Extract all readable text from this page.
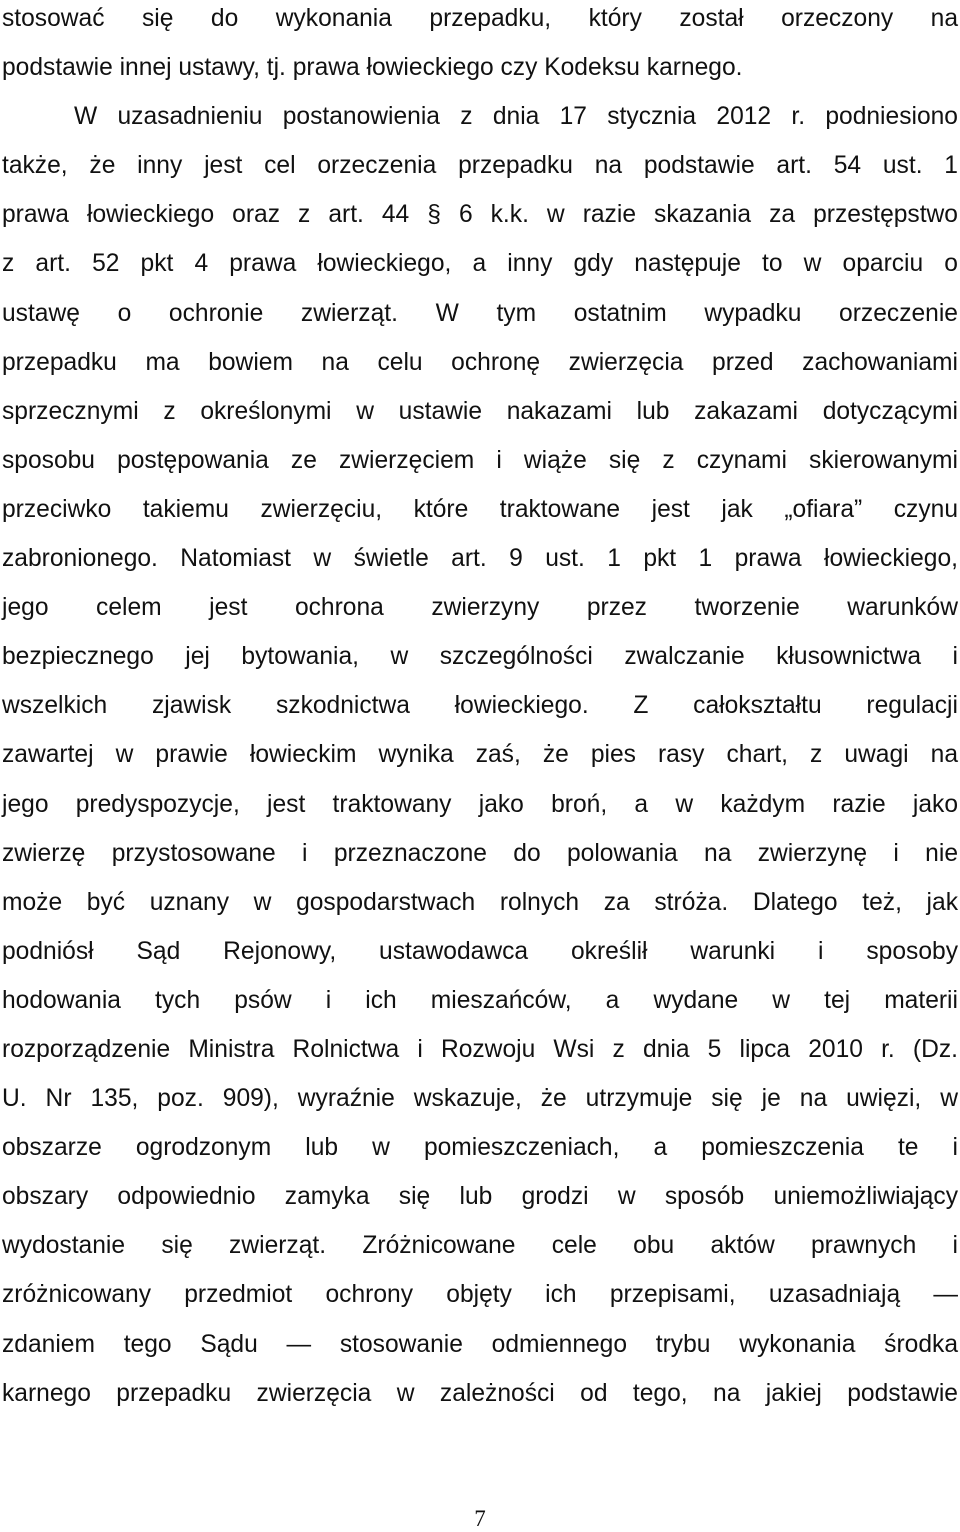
stosować się do wykonania przepadku, który został orzeczony na
podstawie innej ustawy, tj. prawa łowieckiego czy Kodeksu karnego.
W uzasadnieniu postanowienia z dnia 17 stycznia 2012 r. podniesiono
także, że inny jest cel orzeczenia przepadku na podstawie art. 54 ust. 1
prawa łowieckiego oraz z art. 44 § 6 k.k. w razie skazania za przestępstwo
z art. 52 pkt 4 prawa łowieckiego, a inny gdy następuje to w oparciu o
ustawę o ochronie zwierząt. W tym ostatnim wypadku orzeczenie
przepadku ma bowiem na celu ochronę zwierzęcia przed zachowaniami
sprzecznymi z określonymi w ustawie nakazami lub zakazami dotyczącymi
sposobu postępowania ze zwierzęciem i wiąże się z czynami skierowanymi
przeciwko takiemu zwierzęciu, które traktowane jest jak „ofiara” czynu
zabronionego. Natomiast w świetle art. 9 ust. 1 pkt 1 prawa łowieckiego,
jego celem jest ochrona zwierzyny przez tworzenie warunków
bezpiecznego jej bytowania, w szczególności zwalczanie kłusownictwa i
wszelkich zjawisk szkodnictwa łowieckiego. Z całokształtu regulacji
zawartej w prawie łowieckim wynika zaś, że pies rasy chart, z uwagi na
jego predyspozycje, jest traktowany jako broń, a w każdym razie jako
zwierzę przystosowane i przeznaczone do polowania na zwierzynę i nie
może być uznany w gospodarstwach rolnych za stróża. Dlatego też, jak
podniósł Sąd Rejonowy, ustawodawca określił warunki i sposoby
hodowania tych psów i ich mieszańców, a wydane w tej materii
rozporządzenie Ministra Rolnictwa i Rozwoju Wsi z dnia 5 lipca 2010 r. (Dz.
U. Nr 135, poz. 909), wyraźnie wskazuje, że utrzymuje się je na uwięzi, w
obszarze ogrodzonym lub w pomieszczeniach, a pomieszczenia te i
obszary odpowiednio zamyka się lub grodzi w sposób uniemożliwiający
wydostanie się zwierząt. Zróżnicowane cele obu aktów prawnych i
zróżnicowany przedmiot ochrony objęty ich przepisami, uzasadniają —
zdaniem tego Sądu — stosowanie odmiennego trybu wykonania środka
karnego przepadku zwierzęcia w zależności od tego, na jakiej podstawie
7
